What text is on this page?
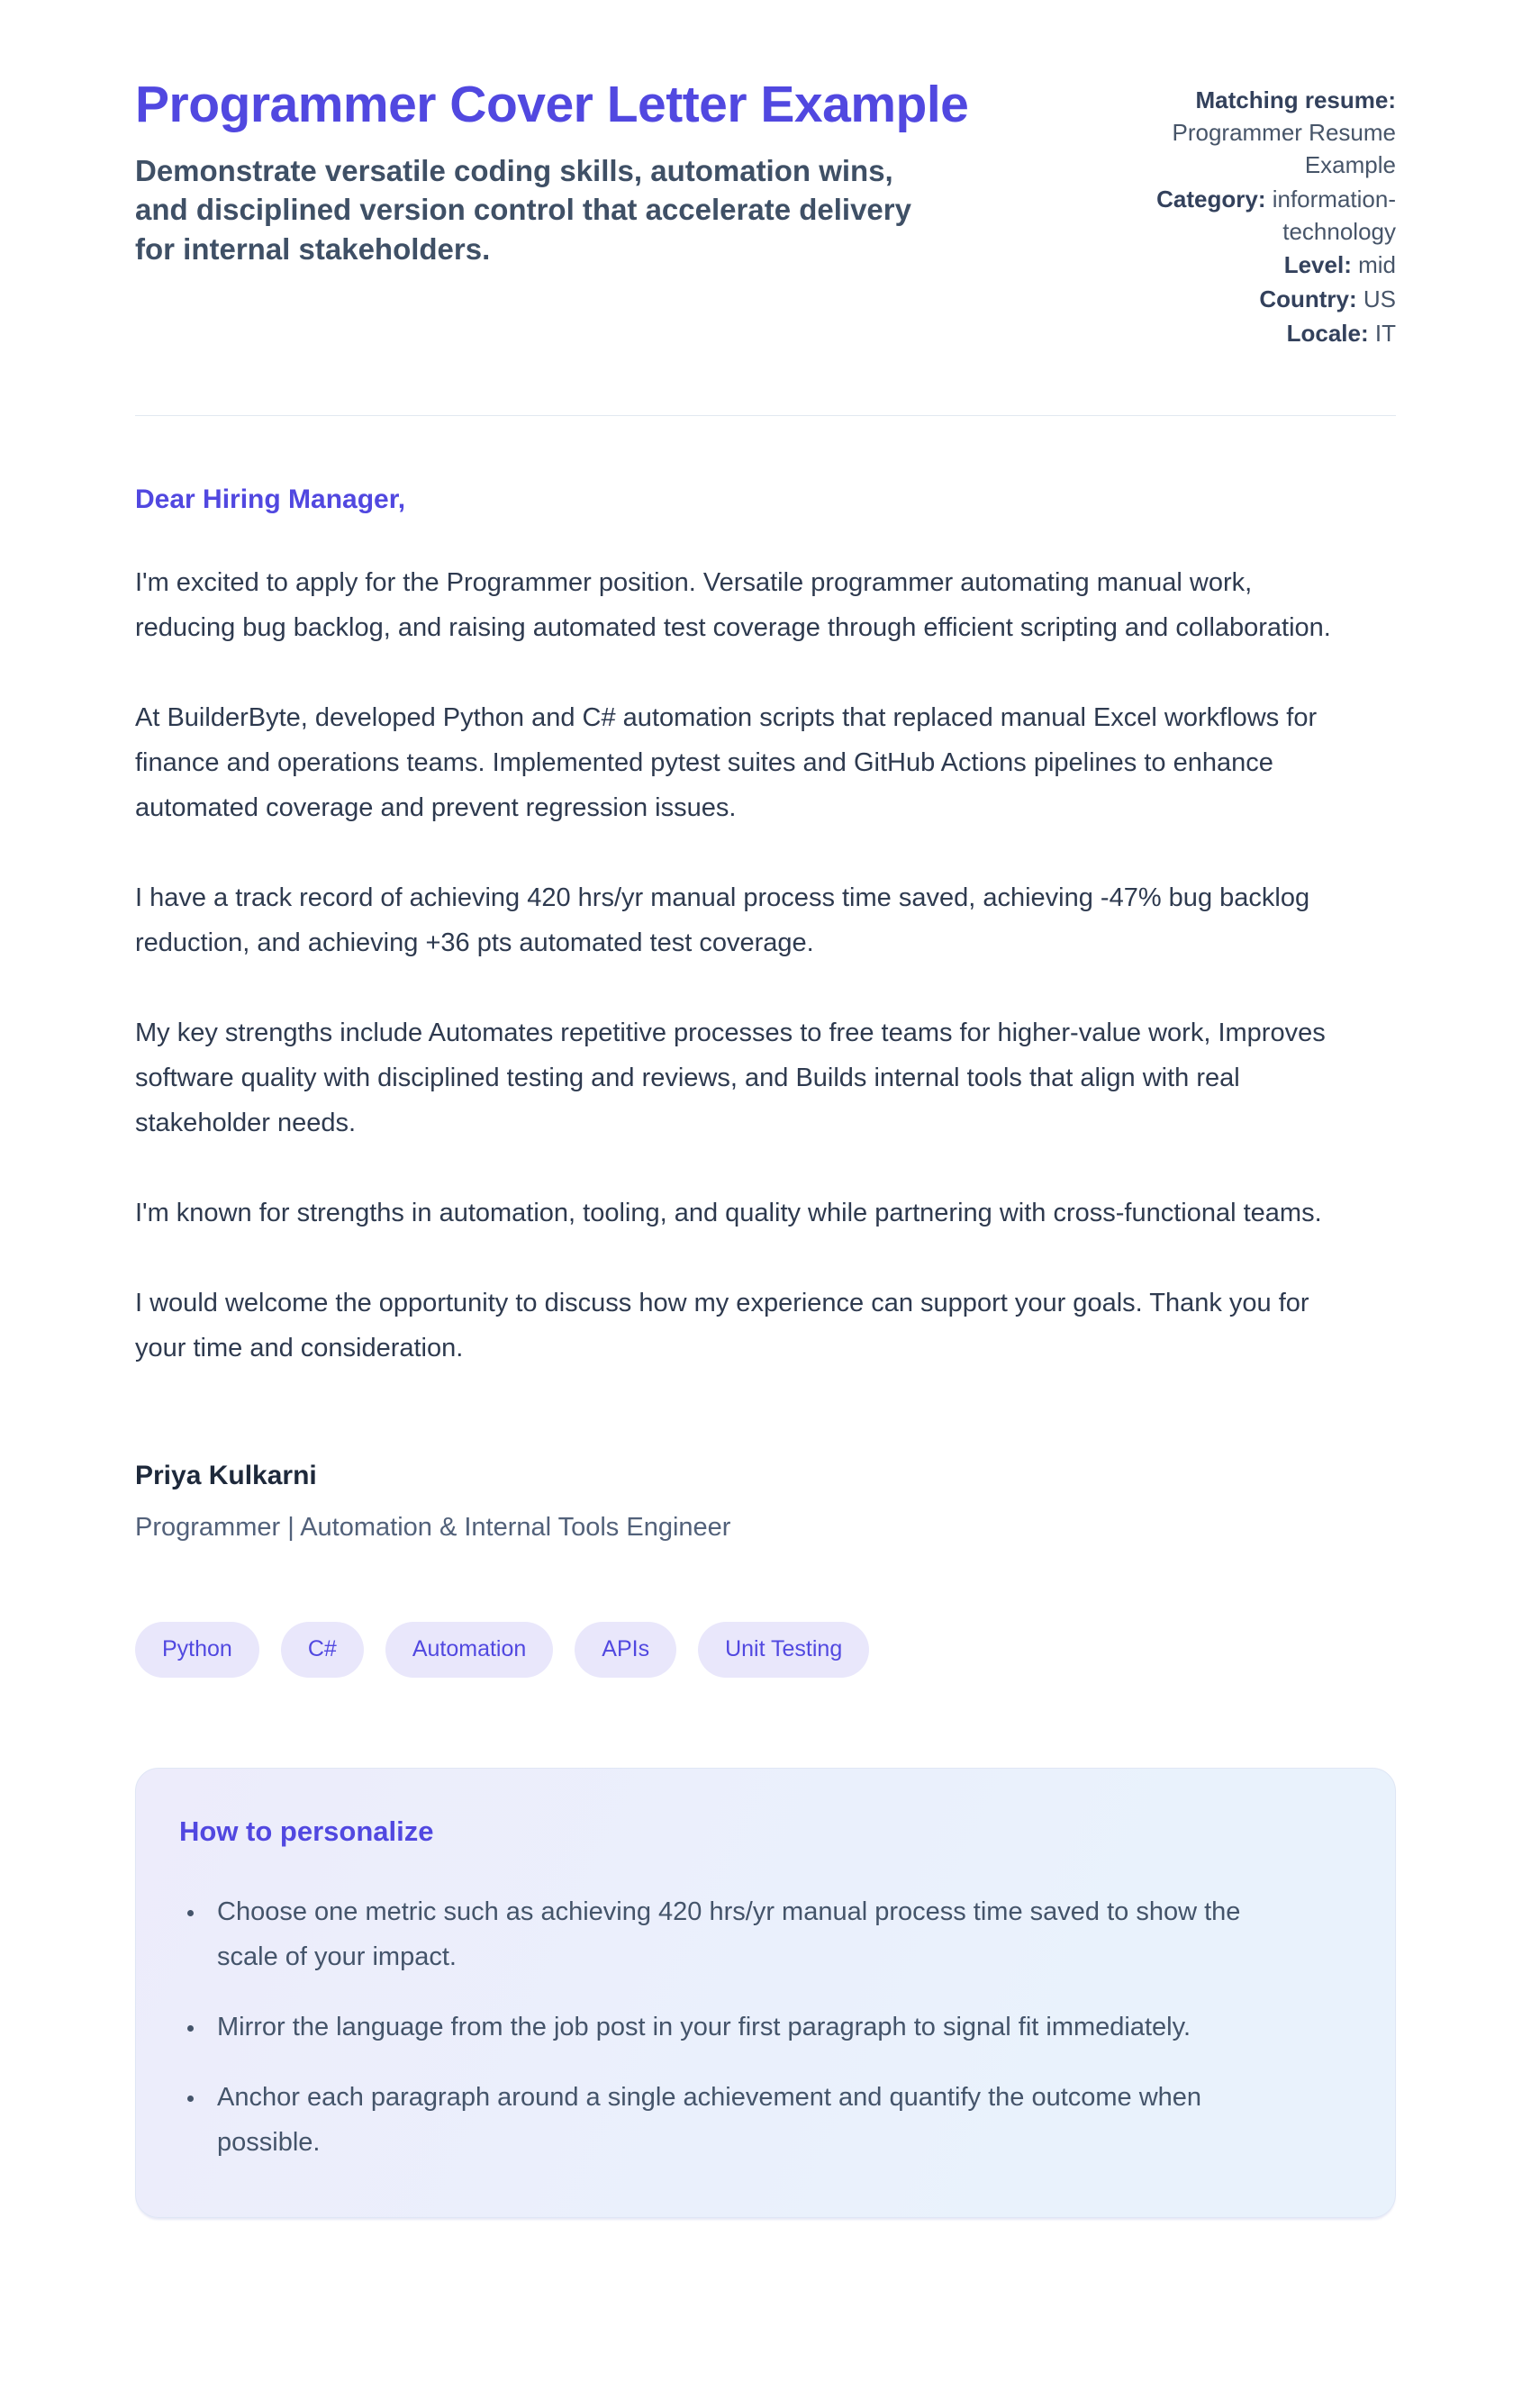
Programmer Cover Letter Example

Demonstrate versatile coding skills, automation wins, and disciplined version control that accelerate delivery for internal stakeholders.

Matching resume: Programmer Resume Example
Category: information-technology
Level: mid
Country: US
Locale: IT

Dear Hiring Manager,

I'm excited to apply for the Programmer position. Versatile programmer automating manual work, reducing bug backlog, and raising automated test coverage through efficient scripting and collaboration.

At BuilderByte, developed Python and C# automation scripts that replaced manual Excel workflows for finance and operations teams. Implemented pytest suites and GitHub Actions pipelines to enhance automated coverage and prevent regression issues.

I have a track record of achieving 420 hrs/yr manual process time saved, achieving -47% bug backlog reduction, and achieving +36 pts automated test coverage.

My key strengths include Automates repetitive processes to free teams for higher-value work, Improves software quality with disciplined testing and reviews, and Builds internal tools that align with real stakeholder needs.

I'm known for strengths in automation, tooling, and quality while partnering with cross-functional teams.

I would welcome the opportunity to discuss how my experience can support your goals. Thank you for your time and consideration.

Priya Kulkarni

Programmer | Automation & Internal Tools Engineer

Python	C#	Automation	APIs	Unit Testing
How to personalize
• Choose one metric such as achieving 420 hrs/yr manual process time saved to show the scale of your impact.
• Mirror the language from the job post in your first paragraph to signal fit immediately.
• Anchor each paragraph around a single achievement and quantify the outcome when possible.
